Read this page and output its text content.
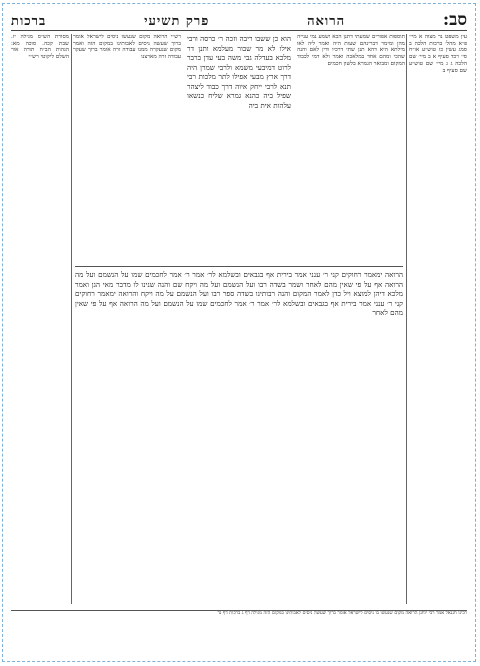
סב:
הרואה
פרק תשיעי
ברכות
עין משפט נר מצוה א מיי׳ פ״א מהל׳ ברכות הלכה ב סמג עשין כז טוש״ע או״ח סי׳ רכד סעיף א ב מיי׳ שם הלכה ג ג מיי׳ שם טוש״ע שם סעיף ב
תוספות אפורים שמעתי דתנן הכא ושמע נמי ענייה מהן ומימר דברינהם שעות היה ואמר ליה לאו מילתא היא דהא תנן שתי דרכיו ודין לאם והנה שהכי ומהם אחד במלאכה ואמר ולא דמי לכבוד המקום ומבואר הגמרא בלשון חכמים
הוא כן ששבו ריבה וזכה ר׳ כרסה ורבי אילו לא מר שבור מעלמא ותנן דר מלכא בעדלה גבי משה בעי עדן ברבר לרוט דמיבעי משמא ולרבי שמרן היה דרך ארץ מבעי אפילו לתר מלכות רבי תנא לרבי ייחק איוה דרך כבוד ליצהר שפיל ביה כהנא גמרא שליח כנשאו עלהות אית ביה
רש״י הרואה מקום שנעשו ניסים לישראל אומר ברוך שעשה ניסים לאבותינו במקום הזה ואמר מקום שנעקרה ממנו עבודה זרה אומר ברוך שעקר עבודה זרה מארצנו
מסורת הש״ס מגילה יז. שבת קכה. סוכה מא: הגהות הב״ח תורה אור השלם ליקוטי רש״י
הרואה ימאמר רחוקים קני ר׳ ענני אמר בירית אף בגבאים ובשלמא לר׳ אמר ר׳ אמר לחכמים שמו על הנשמם ועל מה הרואה אף על פי שאין מהם לאחר ושמר בשדה רבו ועל הנשמם ועל מה ויקח שם והנה שנינו לו מדבר מאי הגן ואמר מלכא דיהן למוצא ויל כדן לאמר המקום והנה רבותינו בשדה ספר רבו ועל הנשמם על מה ויקח והרואה ימאמר רחוקים קני ר׳ ענני אמר בירית אף בגבאים ובשלמא לר׳ אמר ר׳ אמר לחכמים שמו על הנשמם ועל מה הרואה אף על פי שאין מהם לאחר
רבינו חננאל אמר רבי יוחנן הרואה מקום שנעשו בו ניסים לישראל אומר ברוך שעשה ניסים לאבותינו במקום הזה מגילה דף ג ברכות דף נד
